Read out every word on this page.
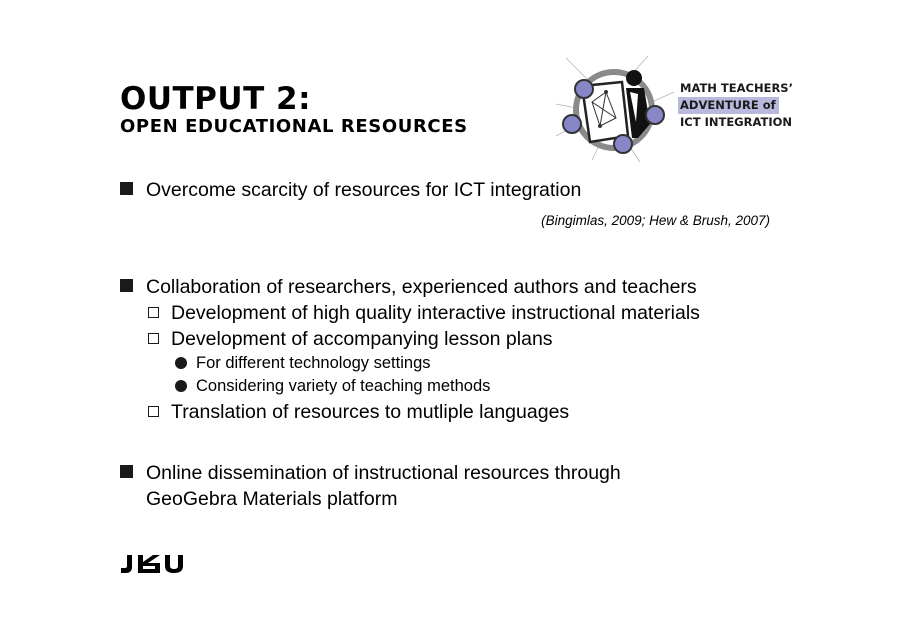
OUTPUT 2:
OPEN EDUCATIONAL RESOURCES
MATH TEACHERS’
ADVENTURE of
ICT INTEGRATION
Overcome scarcity of resources for ICT integration
(Bingimlas, 2009; Hew & Brush, 2007)
Collaboration of researchers, experienced authors and teachers
Development of high quality interactive instructional materials
Development of accompanying lesson plans
For different technology settings
Considering variety of teaching methods
Translation of resources to mutliple languages
Online dissemination of instructional resources through
GeoGebra Materials platform
